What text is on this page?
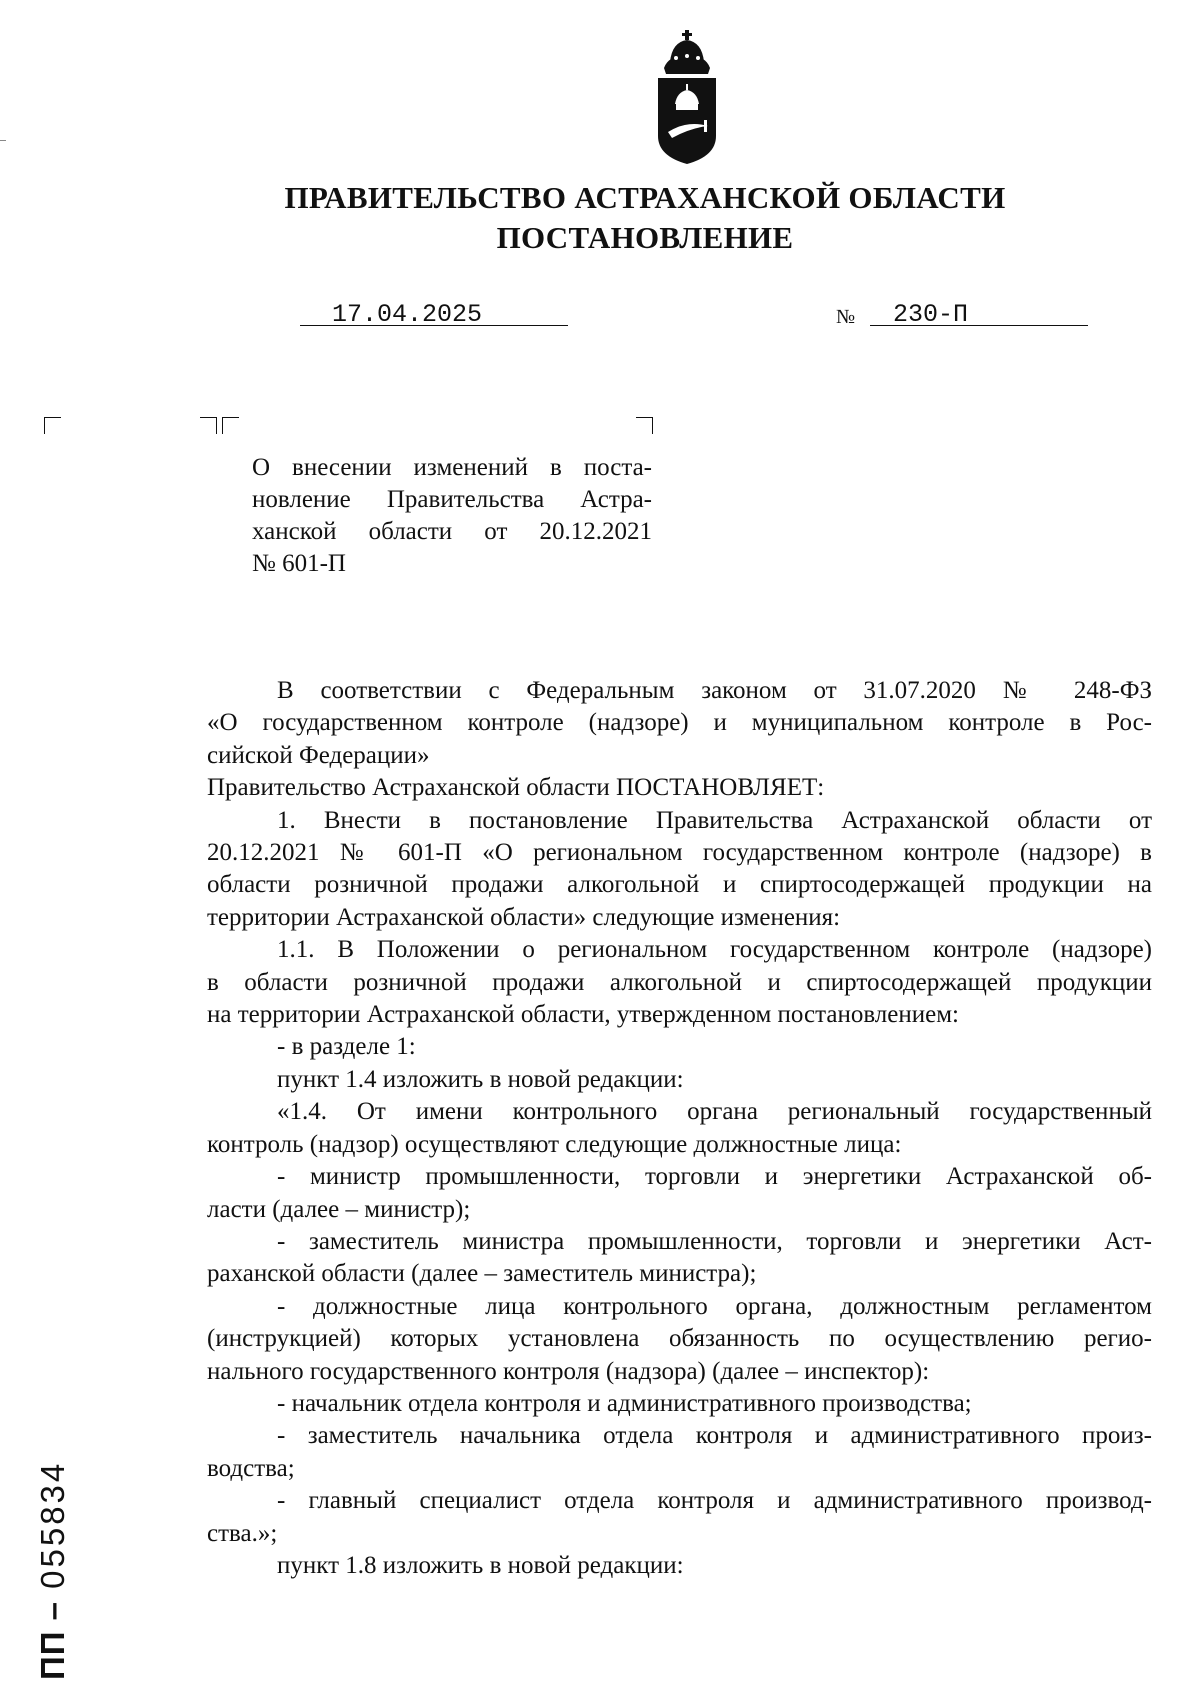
ПРАВИТЕЛЬСТВО АСТРАХАНСКОЙ ОБЛАСТИ
ПОСТАНОВЛЕНИЕ
17.04.2025	№ 230-П
О внесении изменений в поста-
новление Правительства Астра-
ханской области от 20.12.2021
№ 601-П
В соответствии с Федеральным законом от 31.07.2020 № 248-ФЗ
«О государственном контроле (надзоре) и муниципальном контроле в Рос-
сийской Федерации»
Правительство Астраханской области ПОСТАНОВЛЯЕТ:
1. Внести в постановление Правительства Астраханской области от
20.12.2021 № 601-П «О региональном государственном контроле (надзоре) в
области розничной продажи алкогольной и спиртосодержащей продукции на
территории Астраханской области» следующие изменения:
1.1. В Положении о региональном государственном контроле (надзоре)
в области розничной продажи алкогольной и спиртосодержащей продукции
на территории Астраханской области, утвержденном постановлением:
- в разделе 1:
пункт 1.4 изложить в новой редакции:
«1.4. От имени контрольного органа региональный государственный
контроль (надзор) осуществляют следующие должностные лица:
- министр промышленности, торговли и энергетики Астраханской об-
ласти (далее – министр);
- заместитель министра промышленности, торговли и энергетики Аст-
раханской области (далее – заместитель министра);
- должностные лица контрольного органа, должностным регламентом
(инструкцией) которых установлена обязанность по осуществлению регио-
нального государственного контроля (надзора) (далее – инспектор):
- начальник отдела контроля и административного производства;
- заместитель начальника отдела контроля и административного произ-
водства;
- главный специалист отдела контроля и административного производ-
ства.»;
пункт 1.8 изложить в новой редакции:
ПП – 055834
